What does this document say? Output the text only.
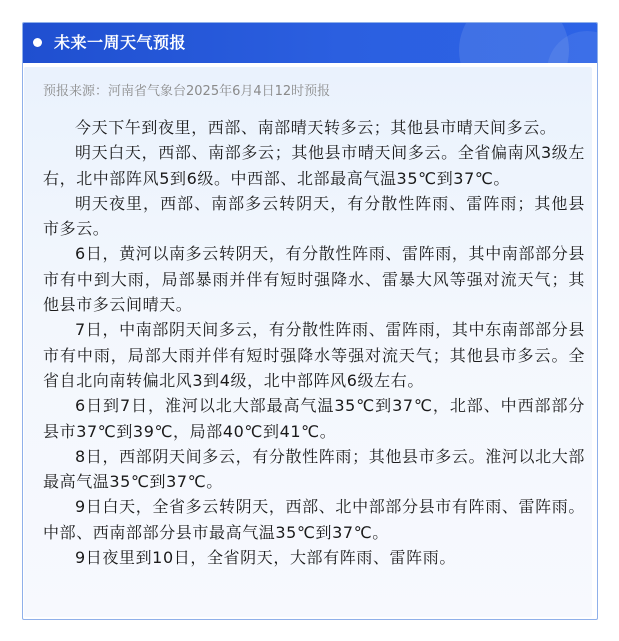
未来一周天气预报
预报来源：河南省气象台2025年6月4日12时预报

今天下午到夜里，西部、南部晴天转多云；其他县市晴天间多云。

明天白天，西部、南部多云；其他县市晴天间多云。全省偏南风3级左右，北中部阵风5到6级。中西部、北部最高气温35℃到37℃。

明天夜里，西部、南部多云转阴天，有分散性阵雨、雷阵雨；其他县市多云。

6日，黄河以南多云转阴天，有分散性阵雨、雷阵雨，其中南部部分县市有中到大雨，局部暴雨并伴有短时强降水、雷暴大风等强对流天气；其他县市多云间晴天。

7日，中南部阴天间多云，有分散性阵雨、雷阵雨，其中东南部部分县市有中雨，局部大雨并伴有短时强降水等强对流天气；其他县市多云。全省自北向南转偏北风3到4级，北中部阵风6级左右。

6日到7日，淮河以北大部最高气温35℃到37℃，北部、中西部部分县市37℃到39℃，局部40℃到41℃。

8日，西部阴天间多云，有分散性阵雨；其他县市多云。淮河以北大部最高气温35℃到37℃。

9日白天，全省多云转阴天，西部、北中部部分县市有阵雨、雷阵雨。中部、西南部部分县市最高气温35℃到37℃。

9日夜里到10日，全省阴天，大部有阵雨、雷阵雨。
